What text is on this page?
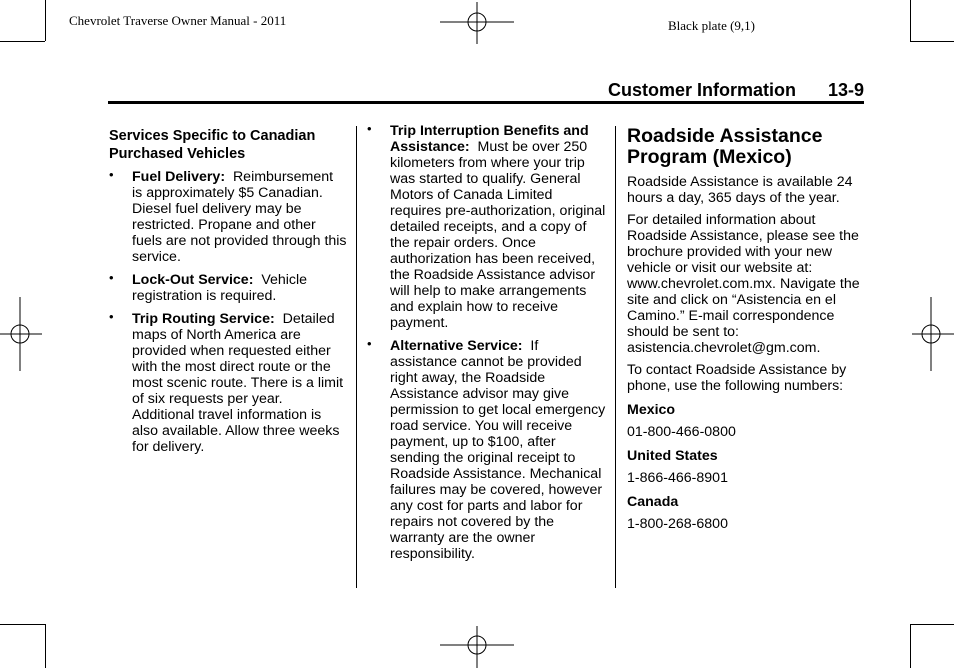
Chevrolet Traverse Owner Manual - 2011	Black plate (9,1)
Customer Information 13-9
Services Specific to Canadian Purchased Vehicles
• Fuel Delivery: Reimbursement is approximately $5 Canadian. Diesel fuel delivery may be restricted. Propane and other fuels are not provided through this service.
• Lock-Out Service: Vehicle registration is required.
• Trip Routing Service: Detailed maps of North America are provided when requested either with the most direct route or the most scenic route. There is a limit of six requests per year. Additional travel information is also available. Allow three weeks for delivery.
• Trip Interruption Benefits and Assistance: Must be over 250 kilometers from where your trip was started to qualify. General Motors of Canada Limited requires pre-authorization, original detailed receipts, and a copy of the repair orders. Once authorization has been received, the Roadside Assistance advisor will help to make arrangements and explain how to receive payment.
• Alternative Service: If assistance cannot be provided right away, the Roadside Assistance advisor may give permission to get local emergency road service. You will receive payment, up to $100, after sending the original receipt to Roadside Assistance. Mechanical failures may be covered, however any cost for parts and labor for repairs not covered by the warranty are the owner responsibility.
Roadside Assistance Program (Mexico)

Roadside Assistance is available 24 hours a day, 365 days of the year.

For detailed information about Roadside Assistance, please see the brochure provided with your new vehicle or visit our website at: www.chevrolet.com.mx. Navigate the site and click on “Asistencia en el Camino.” E-mail correspondence should be sent to: asistencia.chevrolet@gm.com.

To contact Roadside Assistance by phone, use the following numbers:

Mexico
01-800-466-0800
United States
1-866-466-8901
Canada
1-800-268-6800
